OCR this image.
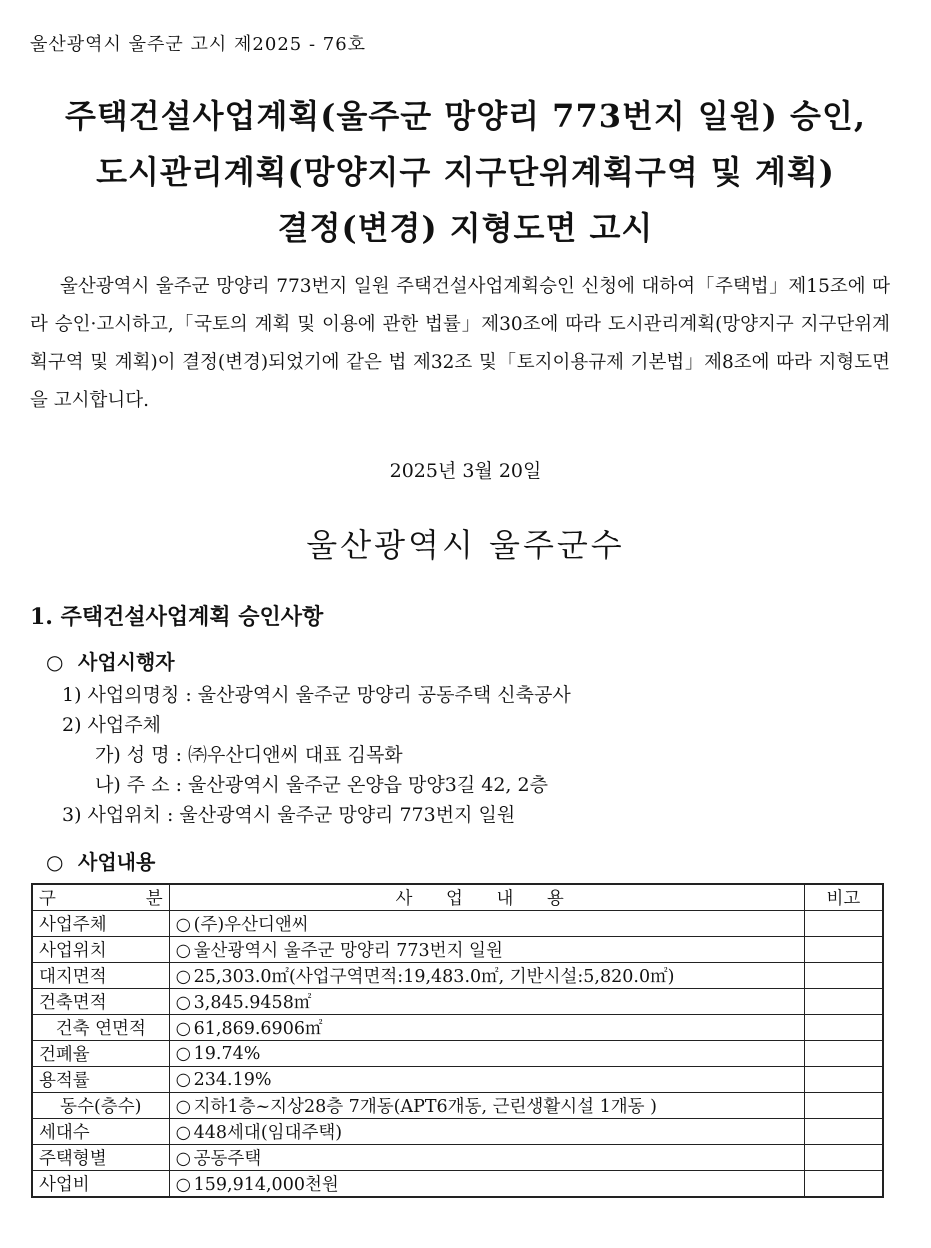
울산광역시 울주군 고시 제2025 - 76호
주택건설사업계획(울주군 망양리 773번지 일원) 승인,
도시관리계획(망양지구 지구단위계획구역 및 계획)
결정(변경) 지형도면 고시

울산광역시 울주군 망양리 773번지 일원 주택건설사업계획승인 신청에 대하여「주택법」제15조에 따라 승인·고시하고,「국토의 계획 및 이용에 관한 법률」제30조에 따라 도시관리계획(망양지구 지구단위계획구역 및 계획)이 결정(변경)되었기에 같은 법 제32조 및「토지이용규제 기본법」제8조에 따라 지형도면을 고시합니다.

2025년 3월 20일
울산광역시 울주군수
1. 주택건설사업계획 승인사항
○ 사업시행자
1) 사업의명칭 : 울산광역시 울주군 망양리 공동주택 신축공사
2) 사업주체
가) 성 명 : ㈜우산디앤씨 대표 김목화
나) 주 소 : 울산광역시 울주군 온양읍 망양3길 42, 2층
3) 사업위치 : 울산광역시 울주군 망양리 773번지 일원
○ 사업내용
구 분	사 업 내 용	비고
사업주체	○ (주)우산디앤씨	
사업위치	○ 울산광역시 울주군 망양리 773번지 일원	
대지면적	○ 25,303.0㎡(사업구역면적:19,483.0㎡, 기반시설:5,820.0㎡)	
건축면적	○ 3,845.9458㎡	
건축 연면적	○ 61,869.6906㎡	
건폐율	○ 19.74%	
용적률	○ 234.19%	
동수(층수)	○ 지하1층~지상28층 7개동(APT6개동, 근린생활시설 1개동 )	
세대수	○ 448세대(임대주택)	
주택형별	○ 공동주택	
사업비	○ 159,914,000천원	
